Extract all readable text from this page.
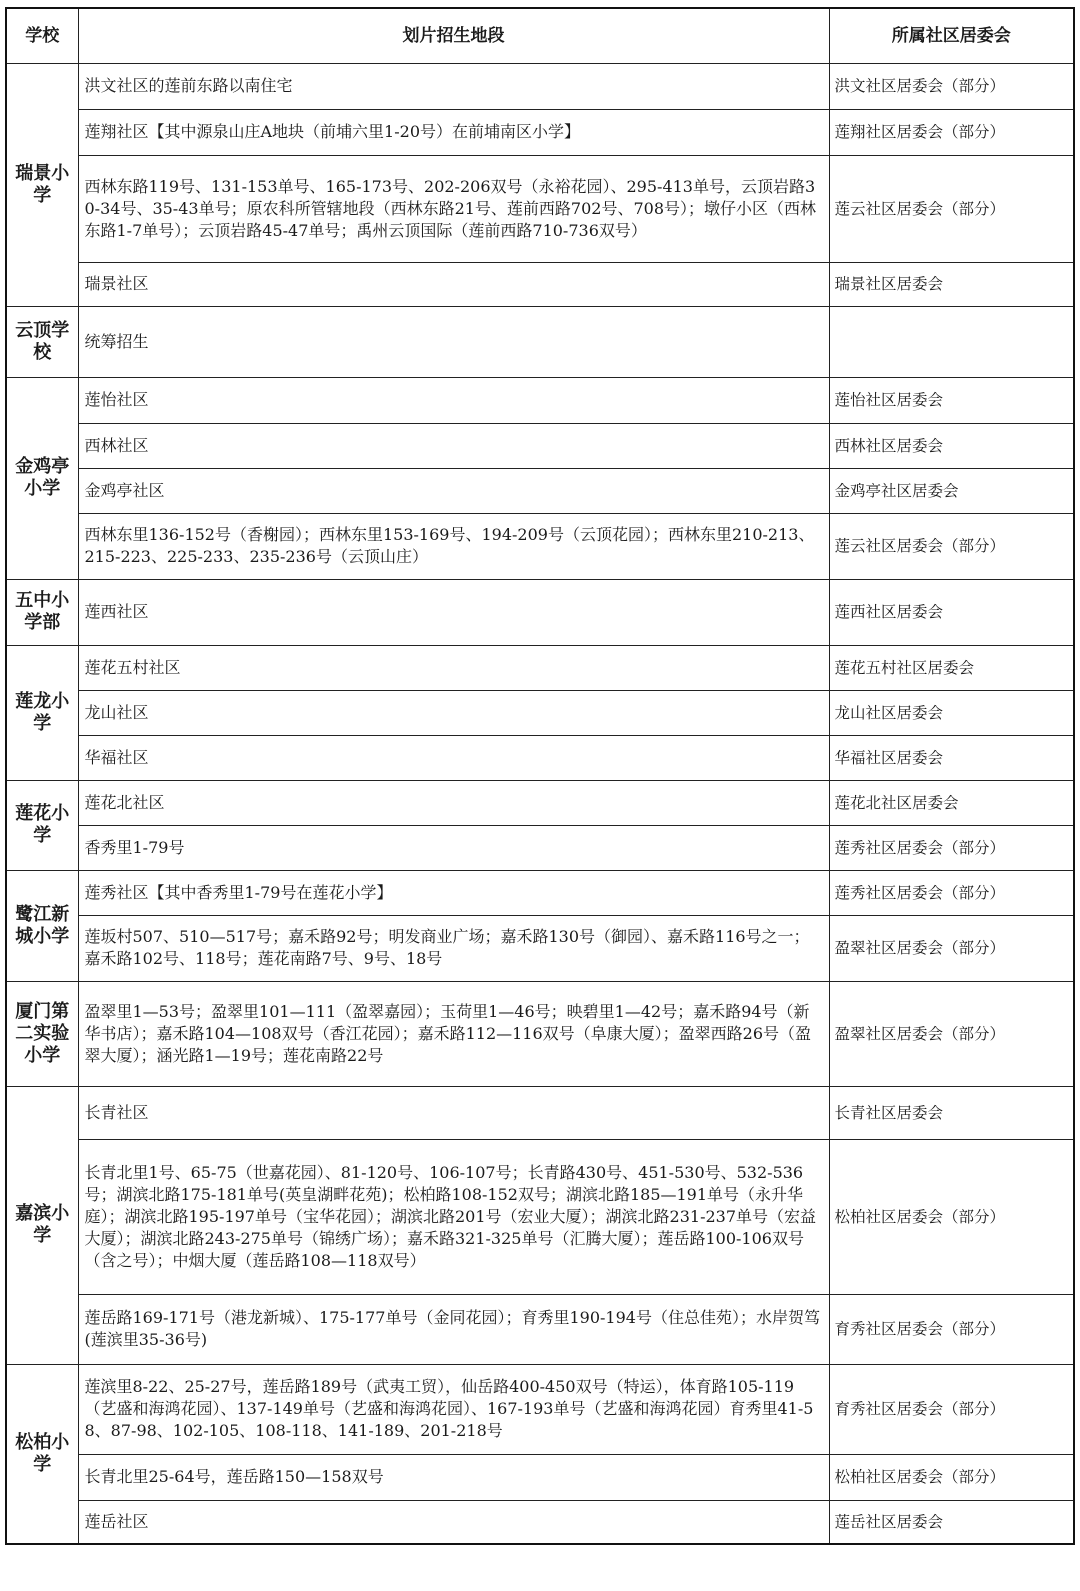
学校	划片招生地段	所属社区居委会
瑞景小学	洪文社区的莲前东路以南住宅	洪文社区居委会（部分）
	莲翔社区【其中源泉山庄A地块（前埔六里1-20号）在前埔南区小学】	莲翔社区居委会（部分）
	西林东路119号、131-153单号、165-173号、202-206双号（永裕花园）、295-413单号，云顶岩路30-34号、35-43单号；原农科所管辖地段（西林东路21号、莲前西路702号、708号）；墩仔小区（西林东路1-7单号）；云顶岩路45-47单号；禹州云顶国际（莲前西路710-736双号）	莲云社区居委会（部分）
	瑞景社区	瑞景社区居委会
云顶学校	统筹招生	
金鸡亭小学	莲怡社区	莲怡社区居委会
	西林社区	西林社区居委会
	金鸡亭社区	金鸡亭社区居委会
	西林东里136-152号（香榭园）；西林东里153-169号、194-209号（云顶花园）；西林东里210-213、215-223、225-233、235-236号（云顶山庄）	莲云社区居委会（部分）
五中小学部	莲西社区	莲西社区居委会
莲龙小学	莲花五村社区	莲花五村社区居委会
	龙山社区	龙山社区居委会
	华福社区	华福社区居委会
莲花小学	莲花北社区	莲花北社区居委会
	香秀里1-79号	莲秀社区居委会（部分）
鹭江新城小学	莲秀社区【其中香秀里1-79号在莲花小学】	莲秀社区居委会（部分）
	莲坂村507、510—517号；嘉禾路92号；明发商业广场；嘉禾路130号（御园）、嘉禾路116号之一；嘉禾路102号、118号；莲花南路7号、9号、18号	盈翠社区居委会（部分）
厦门第二实验小学	盈翠里1—53号；盈翠里101—111（盈翠嘉园）；玉荷里1—46号；映碧里1—42号；嘉禾路94号（新华书店）；嘉禾路104—108双号（香江花园）；嘉禾路112—116双号（阜康大厦）；盈翠西路26号（盈翠大厦）；涵光路1—19号；莲花南路22号	盈翠社区居委会（部分）
嘉滨小学	长青社区	长青社区居委会
	长青北里1号、65-75（世嘉花园）、81-120号、106-107号；长青路430号、451-530号、532-536号；湖滨北路175-181单号(英皇湖畔花苑)；松柏路108-152双号；湖滨北路185—191单号（永升华庭）；湖滨北路195-197单号（宝华花园）；湖滨北路201号（宏业大厦）；湖滨北路231-237单号（宏益大厦）；湖滨北路243-275单号（锦绣广场）；嘉禾路321-325单号（汇腾大厦）；莲岳路100-106双号（含之号）；中烟大厦（莲岳路108—118双号）	松柏社区居委会（部分）
	莲岳路169-171号（港龙新城）、175-177单号（金同花园）；育秀里190-194号（住总佳苑）；水岸贺笃(莲滨里35-36号)	育秀社区居委会（部分）
松柏小学	莲滨里8-22、25-27号，莲岳路189号（武夷工贸），仙岳路400-450双号（特运），体育路105-119（艺盛和海鸿花园）、137-149单号（艺盛和海鸿花园）、167-193单号（艺盛和海鸿花园）育秀里41-58、87-98、102-105、108-118、141-189、201-218号	育秀社区居委会（部分）
	长青北里25-64号，莲岳路150—158双号	松柏社区居委会（部分）
	莲岳社区	莲岳社区居委会
